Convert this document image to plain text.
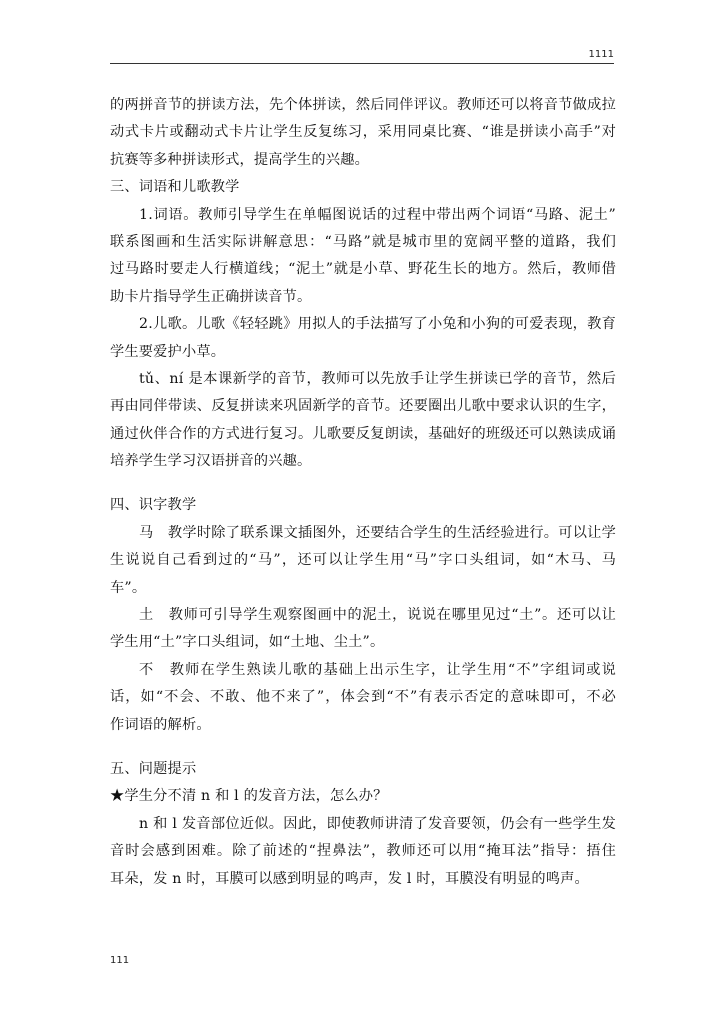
1111
的两拼音节的拼读方法，先个体拼读，然后同伴评议。教师还可以将音节做成拉
动式卡片或翻动式卡片让学生反复练习，采用同桌比赛、“谁是拼读小高手”对
抗赛等多种拼读形式，提高学生的兴趣。
三、词语和儿歌教学
1.词语。教师引导学生在单幅图说话的过程中带出两个词语“马路、泥土”
联系图画和生活实际讲解意思：“马路”就是城市里的宽阔平整的道路，我们
过马路时要走人行横道线；“泥土”就是小草、野花生长的地方。然后，教师借
助卡片指导学生正确拼读音节。
2.儿歌。儿歌《轻轻跳》用拟人的手法描写了小兔和小狗的可爱表现，教育
学生要爱护小草。
tǔ、ní 是本课新学的音节，教师可以先放手让学生拼读已学的音节，然后
再由同伴带读、反复拼读来巩固新学的音节。还要圈出儿歌中要求认识的生字，
通过伙伴合作的方式进行复习。儿歌要反复朗读，基础好的班级还可以熟读成诵
培养学生学习汉语拼音的兴趣。
四、识字教学
马　教学时除了联系课文插图外，还要结合学生的生活经验进行。可以让学
生说说自己看到过的“马”，还可以让学生用“马”字口头组词，如“木马、马
车”。
土　教师可引导学生观察图画中的泥土，说说在哪里见过“土”。还可以让
学生用“土”字口头组词，如“土地、尘土”。
不　教师在学生熟读儿歌的基础上出示生字，让学生用“不”字组词或说
话，如“不会、不敢、他不来了”，体会到“不”有表示否定的意味即可，不必
作词语的解析。
五、问题提示
★学生分不清 n 和 l 的发音方法，怎么办？
n 和 l 发音部位近似。因此，即使教师讲清了发音要领，仍会有一些学生发
音时会感到困难。除了前述的“捏鼻法”，教师还可以用“掩耳法”指导：捂住
耳朵，发 n 时，耳膜可以感到明显的鸣声，发 l 时，耳膜没有明显的鸣声。
111
